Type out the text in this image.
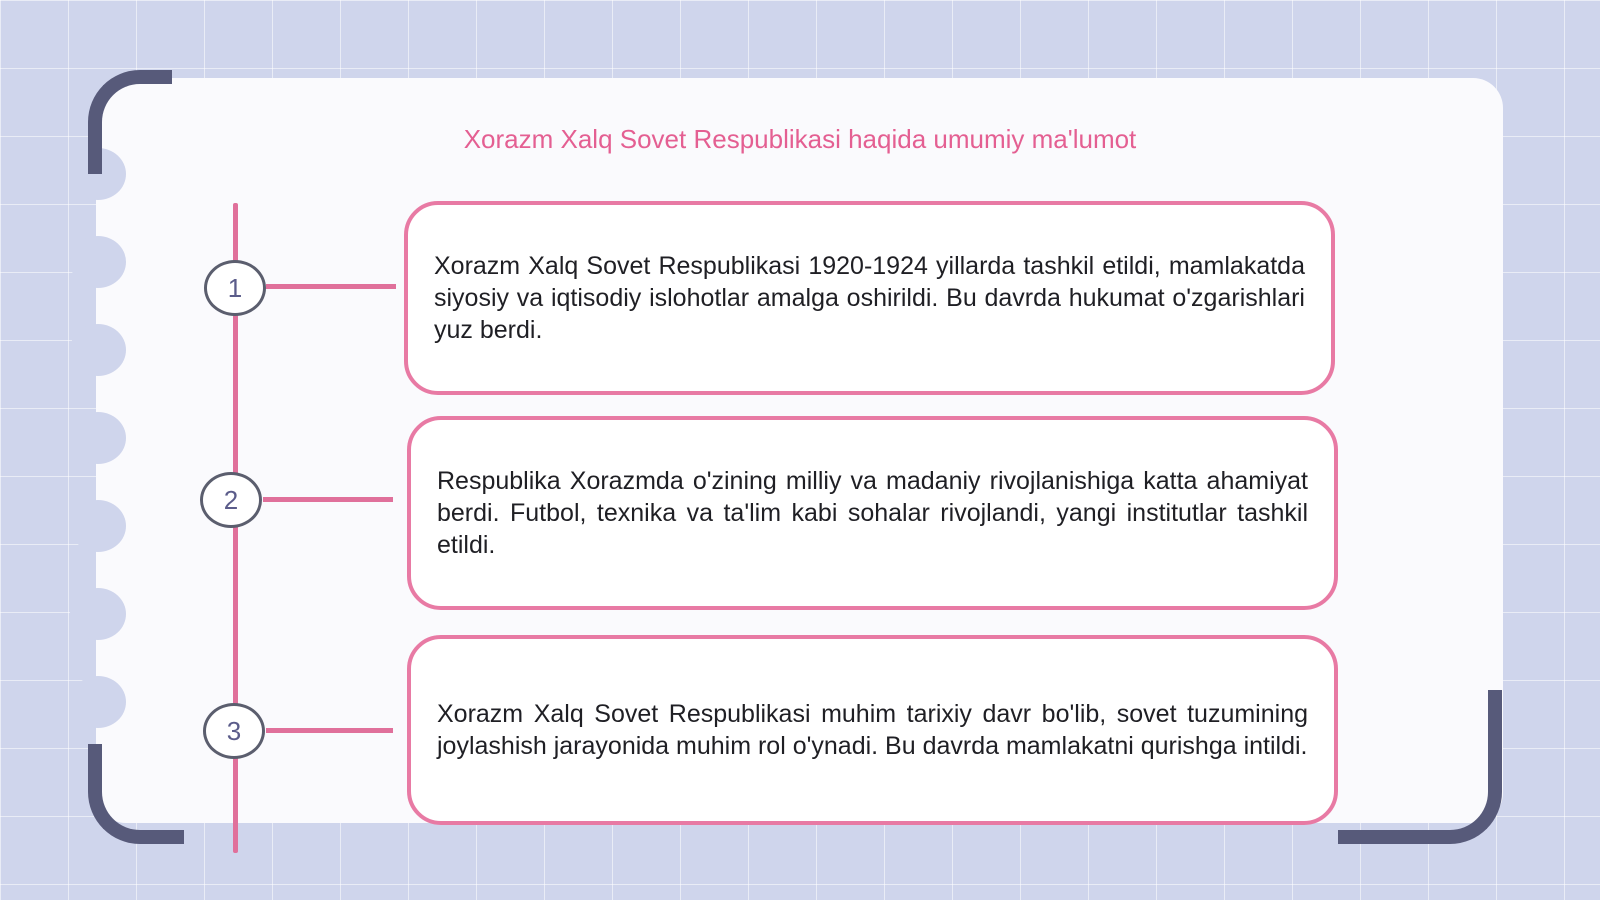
Xorazm Xalq Sovet Respublikasi haqida umumiy ma'lumot
1

Xorazm Xalq Sovet Respublikasi 1920-1924 yillarda tashkil etildi, mamlakatda siyosiy va iqtisodiy islohotlar amalga oshirildi. Bu davrda hukumat o'zgarishlari yuz berdi.

2

Respublika Xorazmda o'zining milliy va madaniy rivojlanishiga katta ahamiyat berdi. Futbol, texnika va ta'lim kabi sohalar rivojlandi, yangi institutlar tashkil etildi.

3

Xorazm Xalq Sovet Respublikasi muhim tarixiy davr bo'lib, sovet tuzumining joylashish jarayonida muhim rol o'ynadi. Bu davrda mamlakatni qurishga intildi.
